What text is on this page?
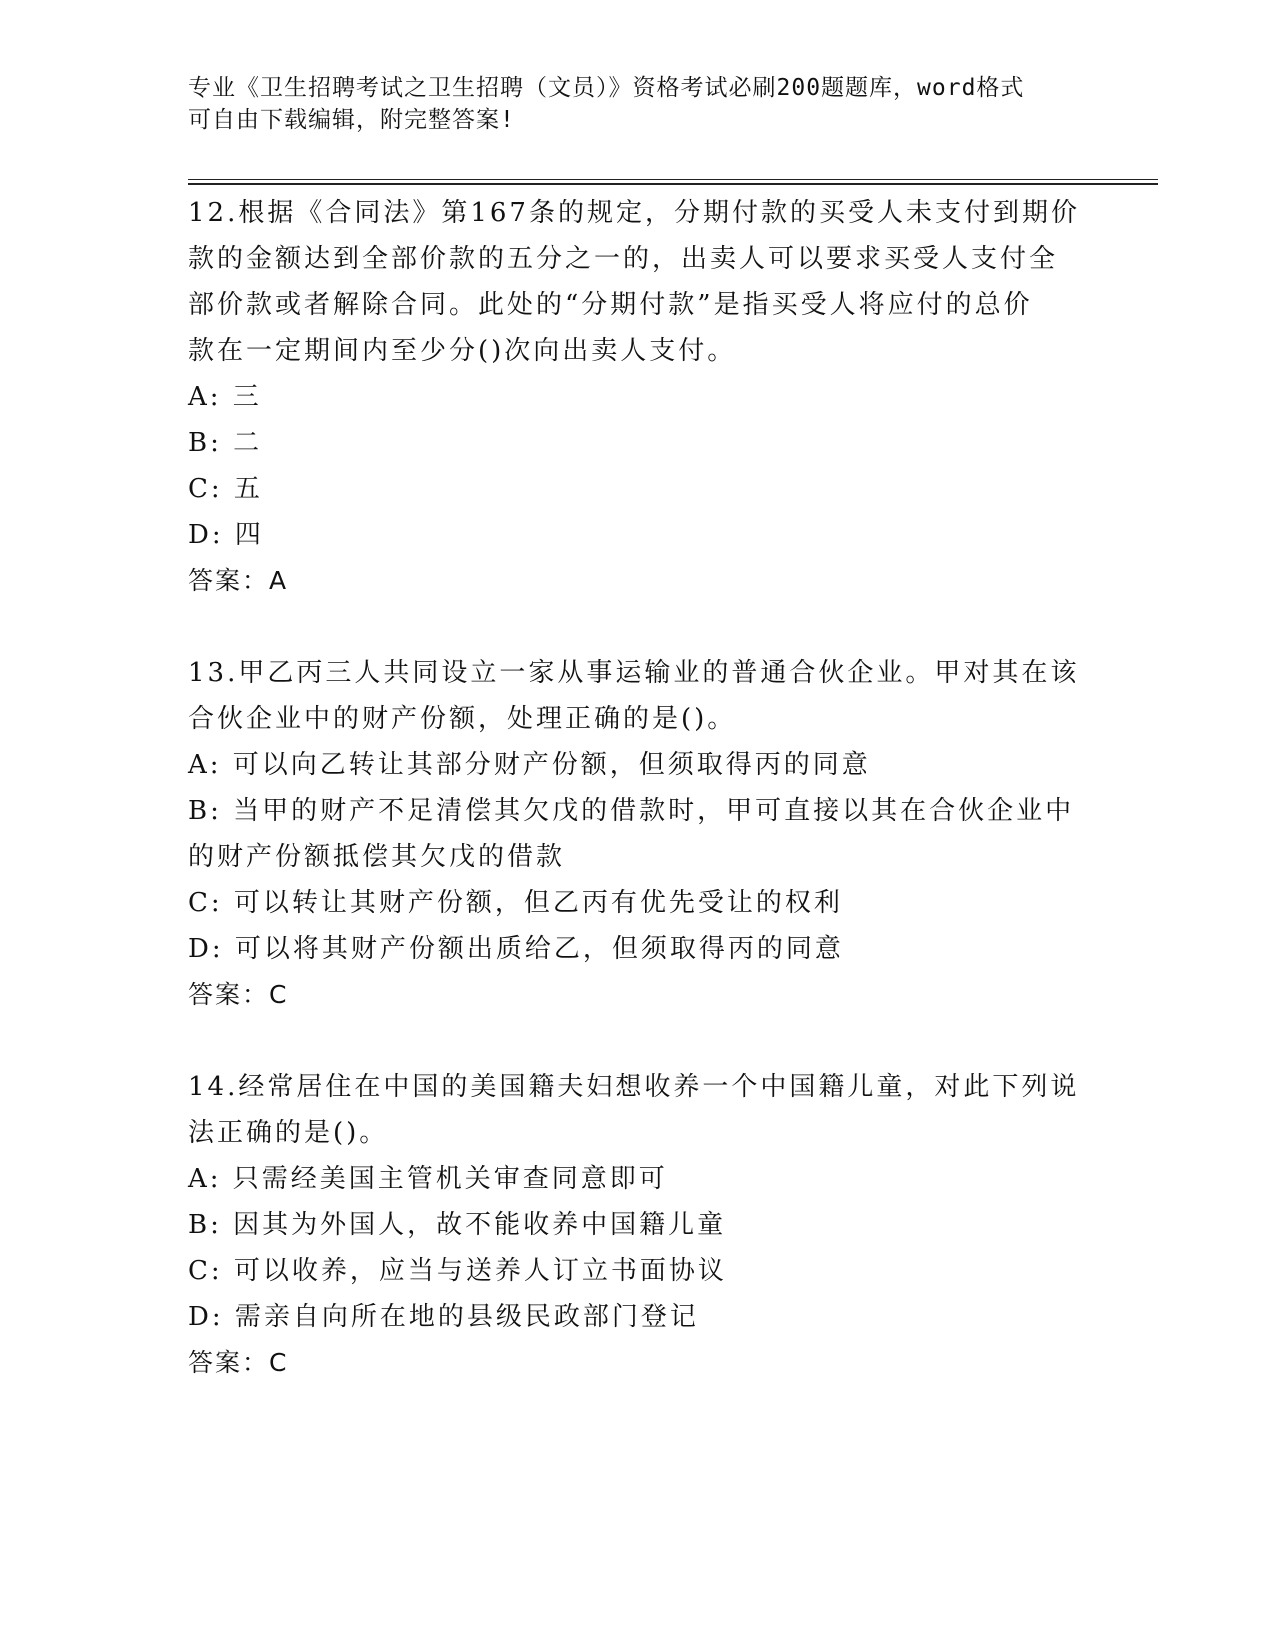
专业《卫生招聘考试之卫生招聘（文员）》资格考试必刷200题题库，word格式
可自由下载编辑，附完整答案!
12.根据《合同法》第167条的规定，分期付款的买受人未支付到期价
款的金额达到全部价款的五分之一的，出卖人可以要求买受人支付全
部价款或者解除合同。此处的“分期付款”是指买受人将应付的总价
款在一定期间内至少分()次向出卖人支付。
A: 三
B: 二
C: 五
D: 四
答案：A
13.甲乙丙三人共同设立一家从事运输业的普通合伙企业。甲对其在该
合伙企业中的财产份额，处理正确的是()。
A: 可以向乙转让其部分财产份额，但须取得丙的同意
B: 当甲的财产不足清偿其欠戊的借款时，甲可直接以其在合伙企业中
的财产份额抵偿其欠戊的借款
C: 可以转让其财产份额，但乙丙有优先受让的权利
D: 可以将其财产份额出质给乙，但须取得丙的同意
答案：C
14.经常居住在中国的美国籍夫妇想收养一个中国籍儿童，对此下列说
法正确的是()。
A: 只需经美国主管机关审查同意即可
B: 因其为外国人，故不能收养中国籍儿童
C: 可以收养，应当与送养人订立书面协议
D: 需亲自向所在地的县级民政部门登记
答案：C
